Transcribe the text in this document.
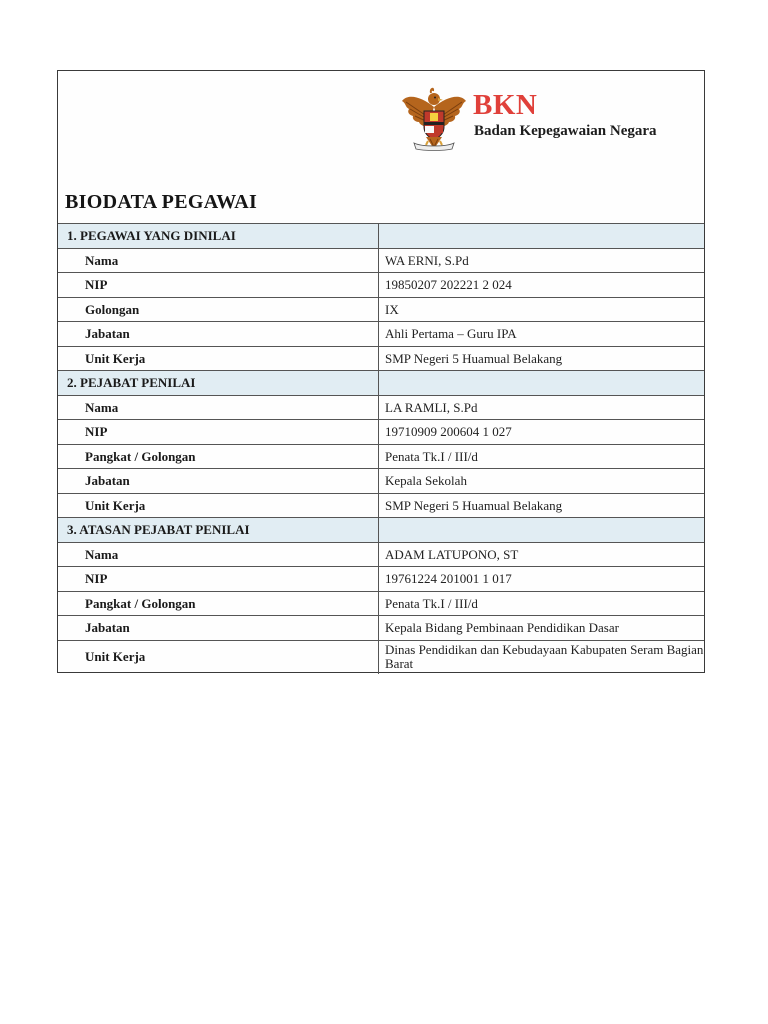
BKN
Badan Kepegawaian Negara
BIODATA PEGAWAI
1. PEGAWAI YANG DINILAI	
Nama	WA ERNI, S.Pd
NIP	19850207 202221 2 024
Golongan	IX
Jabatan	Ahli Pertama – Guru IPA
Unit Kerja	SMP Negeri 5 Huamual Belakang
2. PEJABAT PENILAI	
Nama	LA RAMLI, S.Pd
NIP	19710909 200604 1 027
Pangkat / Golongan	Penata Tk.I / III/d
Jabatan	Kepala Sekolah
Unit Kerja	SMP Negeri 5 Huamual Belakang
3. ATASAN PEJABAT PENILAI	
Nama	ADAM LATUPONO, ST
NIP	19761224 201001 1 017
Pangkat / Golongan	Penata Tk.I / III/d
Jabatan	Kepala Bidang Pembinaan Pendidikan Dasar
Unit Kerja	Dinas Pendidikan dan Kebudayaan Kabupaten Seram Bagian Barat
